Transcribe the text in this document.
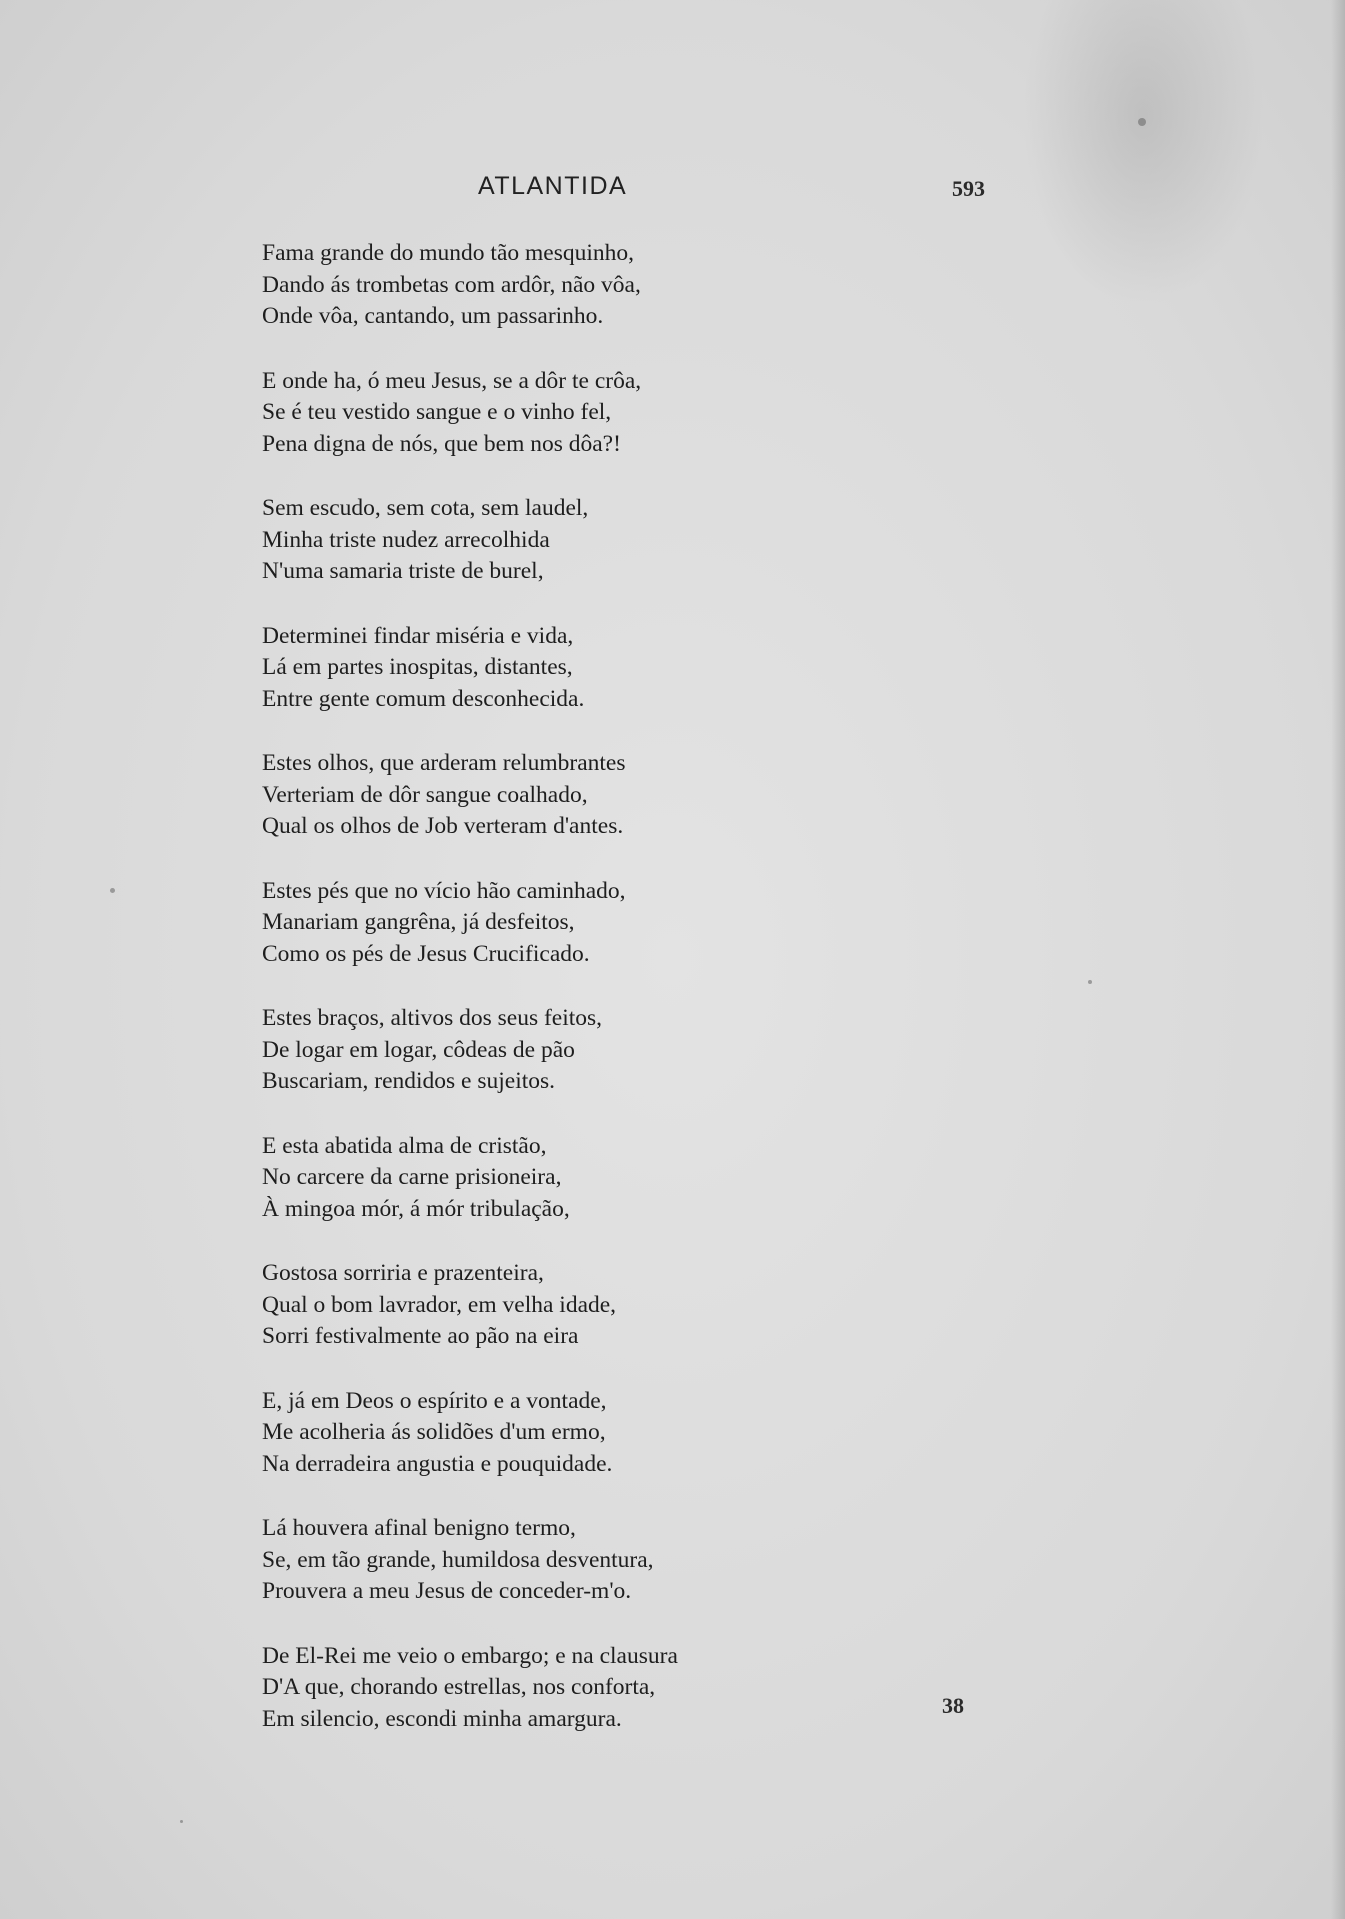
ATLANTIDA	593
Fama grande do mundo tão mesquinho,
Dando ás trombetas com ardôr, não vôa,
Onde vôa, cantando, um passarinho.
E onde ha, ó meu Jesus, se a dôr te crôa,
Se é teu vestido sangue e o vinho fel,
Pena digna de nós, que bem nos dôa?!
Sem escudo, sem cota, sem laudel,
Minha triste nudez arrecolhida
N'uma samaria triste de burel,
Determinei findar miséria e vida,
Lá em partes inospitas, distantes,
Entre gente comum desconhecida.
Estes olhos, que arderam relumbrantes
Verteriam de dôr sangue coalhado,
Qual os olhos de Job verteram d'antes.
Estes pés que no vício hão caminhado,
Manariam gangrêna, já desfeitos,
Como os pés de Jesus Crucificado.
Estes braços, altivos dos seus feitos,
De logar em logar, côdeas de pão
Buscariam, rendidos e sujeitos.
E esta abatida alma de cristão,
No carcere da carne prisioneira,
À mingoa mór, á mór tribulação,
Gostosa sorriria e prazenteira,
Qual o bom lavrador, em velha idade,
Sorri festivalmente ao pão na eira
E, já em Deos o espírito e a vontade,
Me acolheria ás solidões d'um ermo,
Na derradeira angustia e pouquidade.
Lá houvera afinal benigno termo,
Se, em tão grande, humildosa desventura,
Prouvera a meu Jesus de conceder-m'o.
De El-Rei me veio o embargo; e na clausura
D'A que, chorando estrellas, nos conforta,
Em silencio, escondi minha amargura.	38
